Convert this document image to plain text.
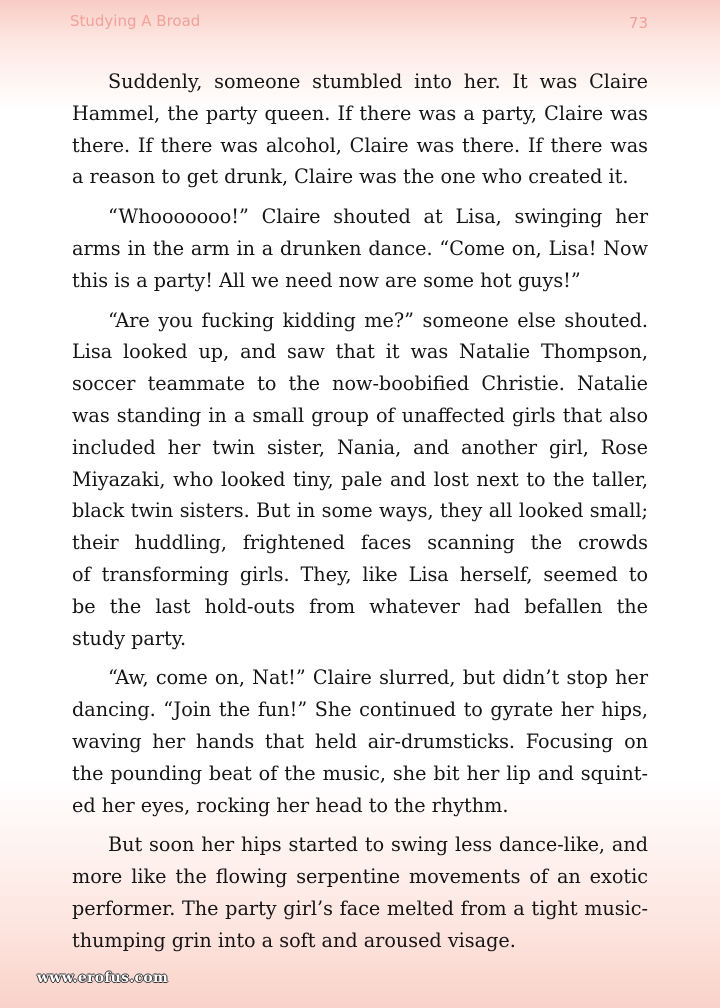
Studying A Broad	73

Suddenly, someone stumbled into her. It was Claire
Hammel, the party queen. If there was a party, Claire was
there. If there was alcohol, Claire was there. If there was
a reason to get drunk, Claire was the one who created it.

“Whooooooo!” Claire shouted at Lisa, swinging her
arms in the arm in a drunken dance. “Come on, Lisa! Now
this is a party! All we need now are some hot guys!”

“Are you fucking kidding me?” someone else shouted.
Lisa looked up, and saw that it was Natalie Thompson,
soccer teammate to the now-boobified Christie. Natalie
was standing in a small group of unaffected girls that also
included her twin sister, Nania, and another girl, Rose
Miyazaki, who looked tiny, pale and lost next to the taller,
black twin sisters. But in some ways, they all looked small;
their huddling, frightened faces scanning the crowds
of transforming girls. They, like Lisa herself, seemed to
be the last hold-outs from whatever had befallen the
study party.

“Aw, come on, Nat!” Claire slurred, but didn’t stop her
dancing. “Join the fun!” She continued to gyrate her hips,
waving her hands that held air-drumsticks. Focusing on
the pounding beat of the music, she bit her lip and squint-
ed her eyes, rocking her head to the rhythm.

But soon her hips started to swing less dance-like, and
more like the flowing serpentine movements of an exotic
performer. The party girl’s face melted from a tight music-
thumping grin into a soft and aroused visage.

www.erofus.com
